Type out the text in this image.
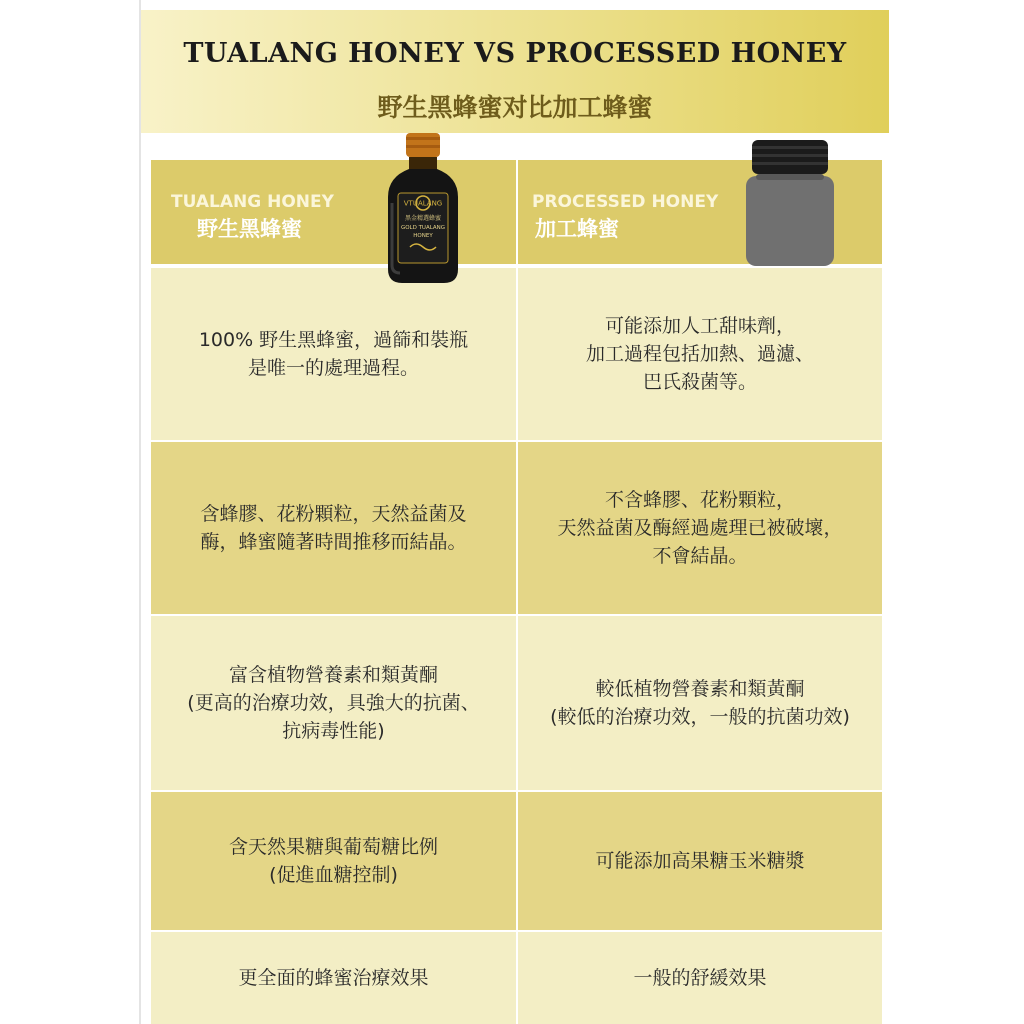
TUALANG HONEY VS PROCESSED HONEY
野生黑蜂蜜对比加工蜂蜜
TUALANG HONEY
野生黑蜂蜜
PROCESSED HONEY
加工蜂蜜
100% 野生黑蜂蜜，過篩和裝瓶
是唯一的處理過程。
可能添加人工甜味劑，
加工過程包括加熱、過濾、
巴氏殺菌等。
含蜂膠、花粉顆粒，天然益菌及
酶，蜂蜜隨著時間推移而結晶。
不含蜂膠、花粉顆粒，
天然益菌及酶經過處理已被破壞，
不會結晶。
富含植物營養素和類黃酮
(更高的治療功效，具強大的抗菌、
抗病毒性能)
較低植物營養素和類黃酮
(較低的治療功效，一般的抗菌功效)
含天然果糖與葡萄糖比例
(促進血糖控制)
可能添加高果糖玉米糖漿
更全面的蜂蜜治療效果	一般的舒緩效果
VTUALANG
黑金精選蜂蜜
GOLD TUALANG
HONEY
